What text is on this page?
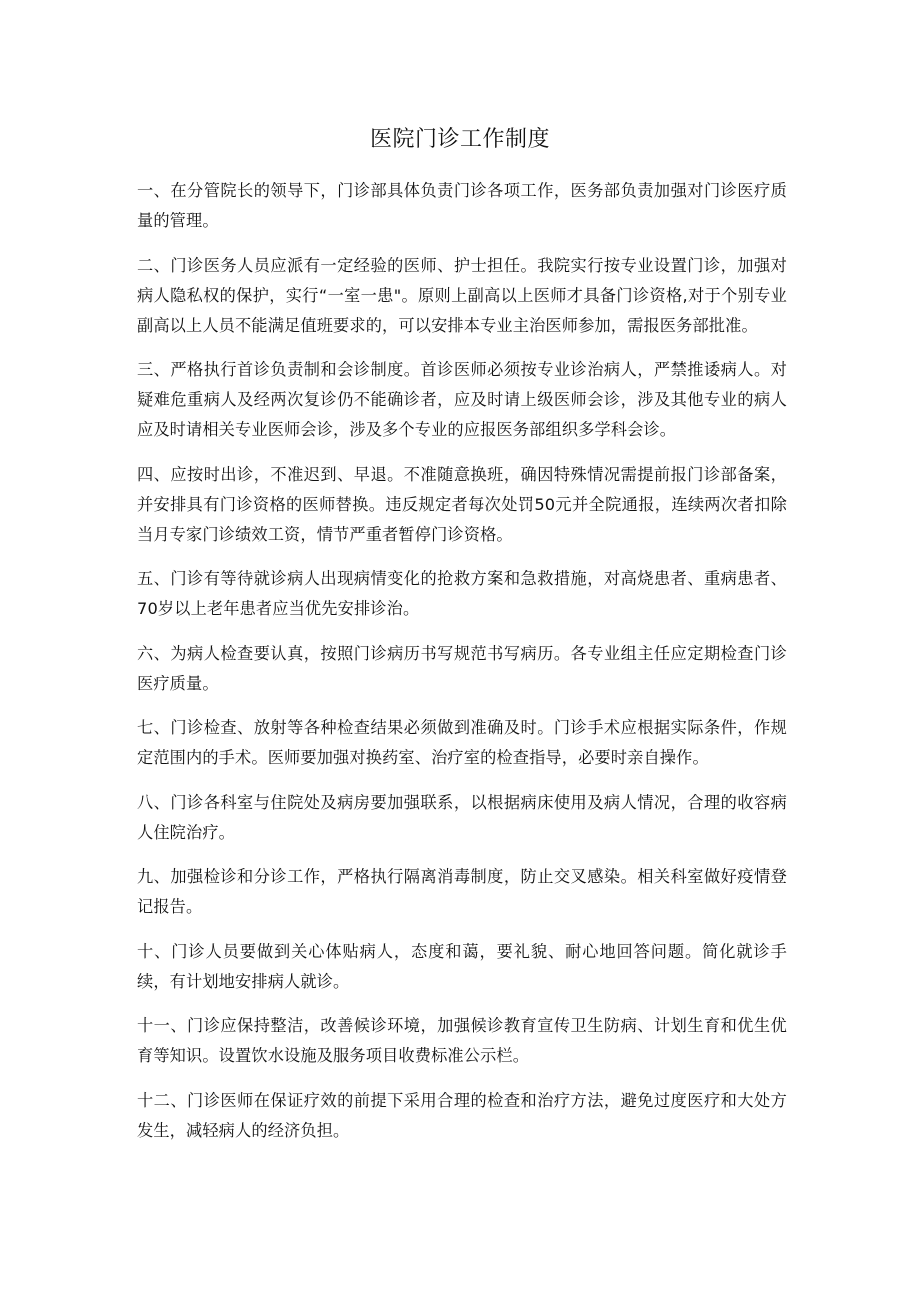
医院门诊工作制度
一、在分管院长的领导下，门诊部具体负责门诊各项工作，医务部负责加强对门诊医疗质量的管理。
二、门诊医务人员应派有一定经验的医师、护士担任。我院实行按专业设置门诊，加强对病人隐私权的保护，实行“一室一患"。原则上副高以上医师才具备门诊资格,对于个别专业副高以上人员不能满足值班要求的，可以安排本专业主治医师参加，需报医务部批准。
三、严格执行首诊负责制和会诊制度。首诊医师必须按专业诊治病人，严禁推诿病人。对疑难危重病人及经两次复诊仍不能确诊者，应及时请上级医师会诊，涉及其他专业的病人应及时请相关专业医师会诊，涉及多个专业的应报医务部组织多学科会诊。
四、应按时出诊，不准迟到、早退。不准随意换班，确因特殊情况需提前报门诊部备案，并安排具有门诊资格的医师替换。违反规定者每次处罚50元并全院通报，连续两次者扣除当月专家门诊绩效工资，情节严重者暂停门诊资格。
五、门诊有等待就诊病人出现病情变化的抢救方案和急救措施，对高烧患者、重病患者、70岁以上老年患者应当优先安排诊治。
六、为病人检查要认真，按照门诊病历书写规范书写病历。各专业组主任应定期检查门诊医疗质量。
七、门诊检查、放射等各种检查结果必须做到准确及时。门诊手术应根据实际条件，作规定范围内的手术。医师要加强对换药室、治疗室的检查指导，必要时亲自操作。
八、门诊各科室与住院处及病房要加强联系，以根据病床使用及病人情况，合理的收容病人住院治疗。
九、加强检诊和分诊工作，严格执行隔离消毒制度，防止交叉感染。相关科室做好疫情登记报告。
十、门诊人员要做到关心体贴病人，态度和蔼，要礼貌、耐心地回答问题。简化就诊手续，有计划地安排病人就诊。
十一、门诊应保持整洁，改善候诊环境，加强候诊教育宣传卫生防病、计划生育和优生优育等知识。设置饮水设施及服务项目收费标准公示栏。
十二、门诊医师在保证疗效的前提下采用合理的检查和治疗方法，避免过度医疗和大处方发生，减轻病人的经济负担。
